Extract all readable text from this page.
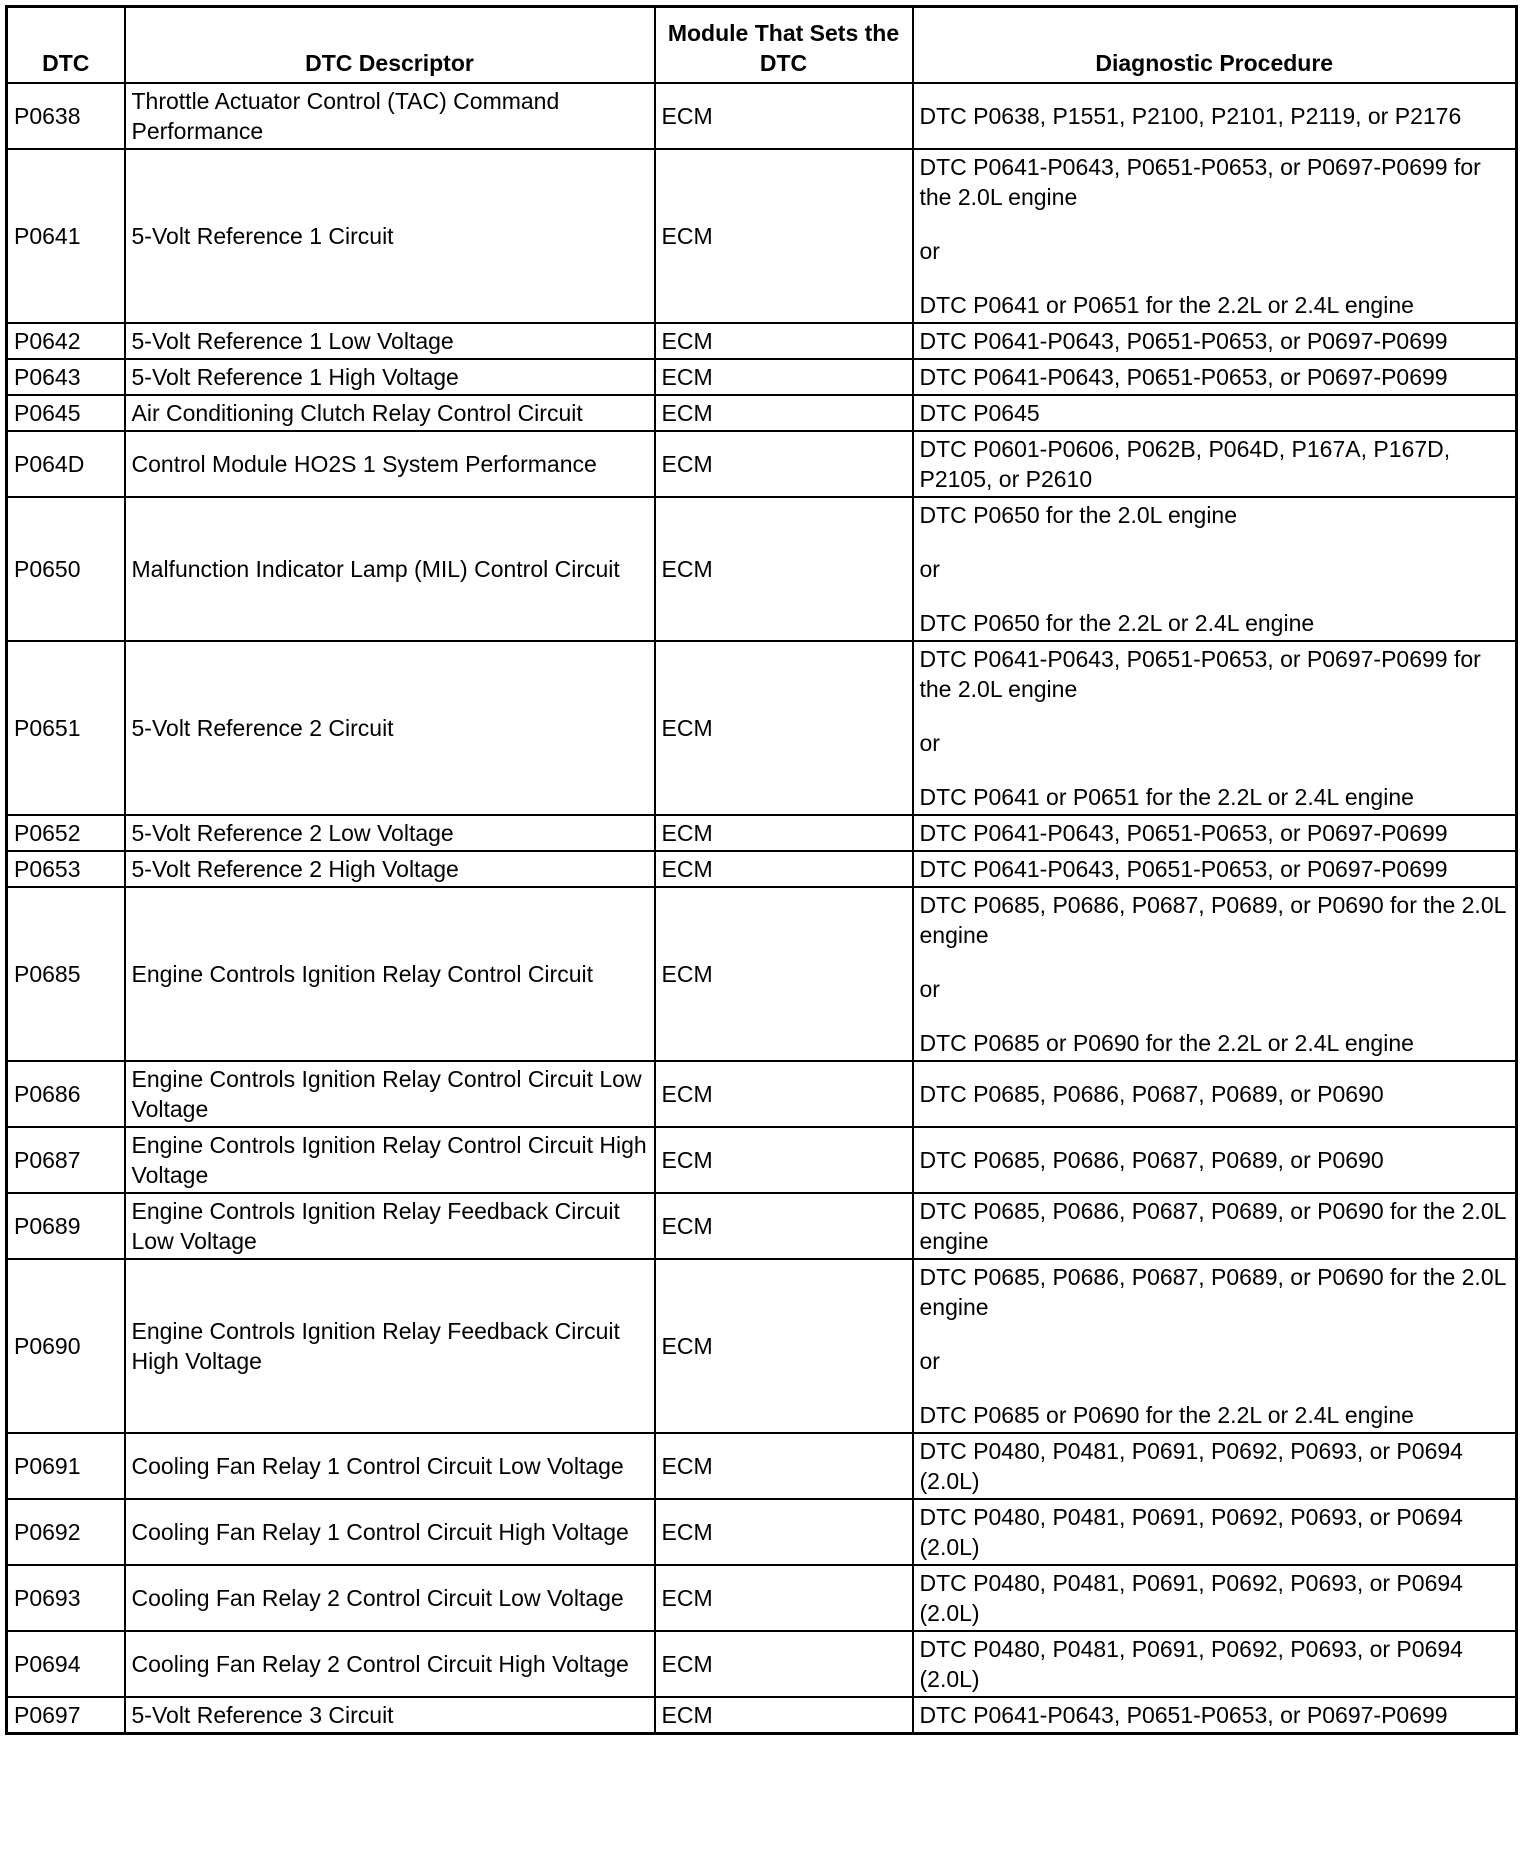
DTC	DTC Descriptor	Module That Sets the DTC	Diagnostic Procedure
P0638	Throttle Actuator Control (TAC) Command Performance	ECM	DTC P0638, P1551, P2100, P2101, P2119, or P2176

P0641	5-Volt Reference 1 Circuit	ECM	DTC P0641-P0643, P0651-P0653, or P0697-P0699 for the 2.0L engine
or
DTC P0641 or P0651 for the 2.2L or 2.4L engine

P0642	5-Volt Reference 1 Low Voltage	ECM	DTC P0641-P0643, P0651-P0653, or P0697-P0699

P0643	5-Volt Reference 1 High Voltage	ECM	DTC P0641-P0643, P0651-P0653, or P0697-P0699

P0645	Air Conditioning Clutch Relay Control Circuit	ECM	DTC P0645

P064D	Control Module HO2S 1 System Performance	ECM	DTC P0601-P0606, P062B, P064D, P167A, P167D, P2105, or P2610

P0650	Malfunction Indicator Lamp (MIL) Control Circuit	ECM	DTC P0650 for the 2.0L engine
or
DTC P0650 for the 2.2L or 2.4L engine

P0651	5-Volt Reference 2 Circuit	ECM	DTC P0641-P0643, P0651-P0653, or P0697-P0699 for the 2.0L engine
or
DTC P0641 or P0651 for the 2.2L or 2.4L engine

P0652	5-Volt Reference 2 Low Voltage	ECM	DTC P0641-P0643, P0651-P0653, or P0697-P0699

P0653	5-Volt Reference 2 High Voltage	ECM	DTC P0641-P0643, P0651-P0653, or P0697-P0699

P0685	Engine Controls Ignition Relay Control Circuit	ECM	DTC P0685, P0686, P0687, P0689, or P0690 for the 2.0L engine
or
DTC P0685 or P0690 for the 2.2L or 2.4L engine

P0686	Engine Controls Ignition Relay Control Circuit Low Voltage	ECM	DTC P0685, P0686, P0687, P0689, or P0690

P0687	Engine Controls Ignition Relay Control Circuit High Voltage	ECM	DTC P0685, P0686, P0687, P0689, or P0690

P0689	Engine Controls Ignition Relay Feedback Circuit Low Voltage	ECM	DTC P0685, P0686, P0687, P0689, or P0690 for the 2.0L engine

P0690	Engine Controls Ignition Relay Feedback Circuit High Voltage	ECM	DTC P0685, P0686, P0687, P0689, or P0690 for the 2.0L engine
or
DTC P0685 or P0690 for the 2.2L or 2.4L engine

P0691	Cooling Fan Relay 1 Control Circuit Low Voltage	ECM	DTC P0480, P0481, P0691, P0692, P0693, or P0694 (2.0L)

P0692	Cooling Fan Relay 1 Control Circuit High Voltage	ECM	DTC P0480, P0481, P0691, P0692, P0693, or P0694 (2.0L)

P0693	Cooling Fan Relay 2 Control Circuit Low Voltage	ECM	DTC P0480, P0481, P0691, P0692, P0693, or P0694 (2.0L)

P0694	Cooling Fan Relay 2 Control Circuit High Voltage	ECM	DTC P0480, P0481, P0691, P0692, P0693, or P0694 (2.0L)

P0697	5-Volt Reference 3 Circuit	ECM	DTC P0641-P0643, P0651-P0653, or P0697-P0699
